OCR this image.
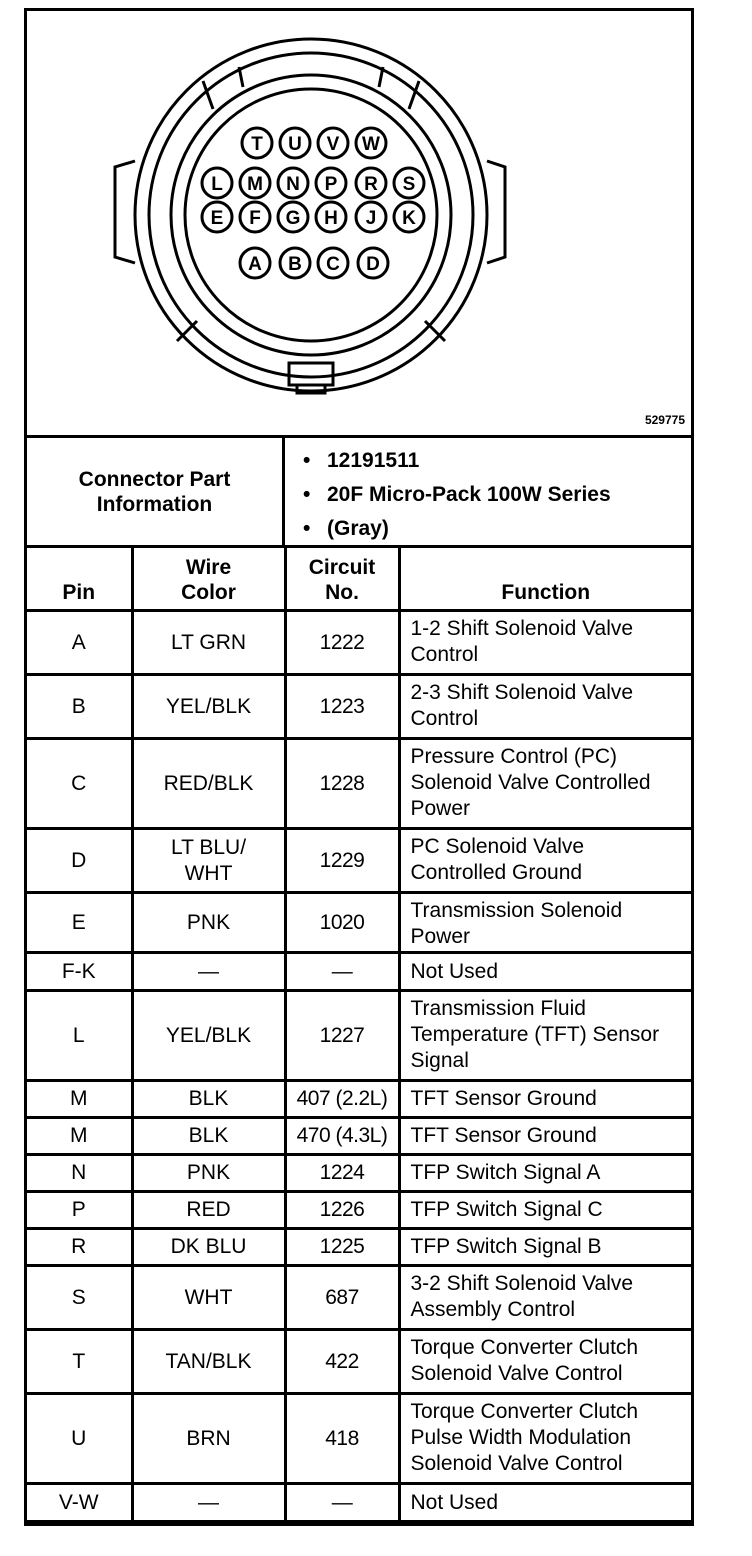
T U V W
L M N P R S
E F G H J K
A B C D
529775
Connector Part Information
• 12191511
• 20F Micro-Pack 100W Series
• (Gray)
Pin	Wire Color	Circuit No.	Function
A	LT GRN	1222	1-2 Shift Solenoid Valve Control
B	YEL/BLK	1223	2-3 Shift Solenoid Valve Control
C	RED/BLK	1228	Pressure Control (PC) Solenoid Valve Controlled Power
D	LT BLU/ WHT	1229	PC Solenoid Valve Controlled Ground
E	PNK	1020	Transmission Solenoid Power
F-K	—	—	Not Used
L	YEL/BLK	1227	Transmission Fluid Temperature (TFT) Sensor Signal
M	BLK	407 (2.2L)	TFT Sensor Ground
M	BLK	470 (4.3L)	TFT Sensor Ground
N	PNK	1224	TFP Switch Signal A
P	RED	1226	TFP Switch Signal C
R	DK BLU	1225	TFP Switch Signal B
S	WHT	687	3-2 Shift Solenoid Valve Assembly Control
T	TAN/BLK	422	Torque Converter Clutch Solenoid Valve Control
U	BRN	418	Torque Converter Clutch Pulse Width Modulation Solenoid Valve Control
V-W	—	—	Not Used
